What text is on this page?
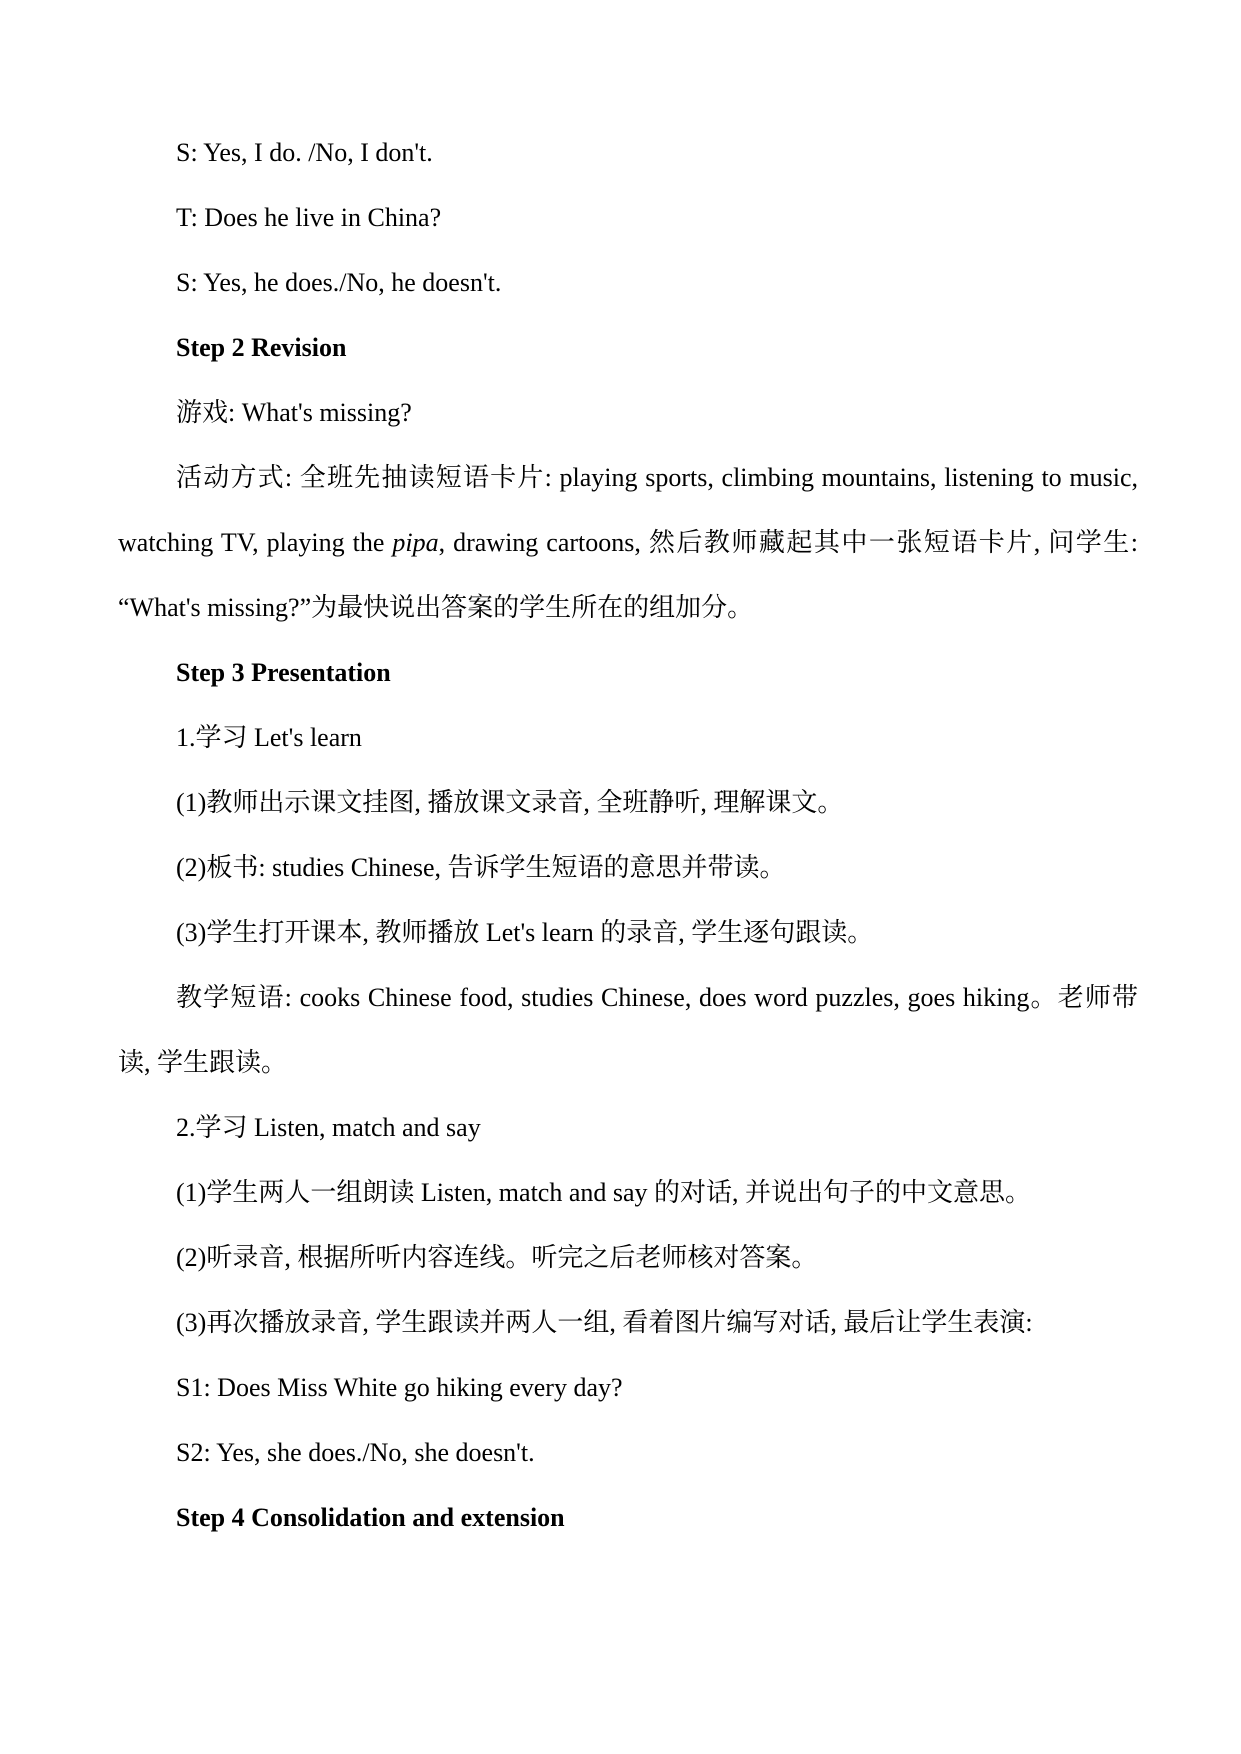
S: Yes, I do. /No, I don't.

T: Does he live in China?

S: Yes, he does./No, he doesn't.

Step 2 Revision

游戏: What's missing?

活动方式: 全班先抽读短语卡片: playing sports, climbing mountains, listening to music, watching TV, playing the pipa, drawing cartoons, 然后教师藏起其中一张短语卡片, 问学生: “What's missing?”为最快说出答案的学生所在的组加分。

Step 3 Presentation

1.学习 Let's learn

(1)教师出示课文挂图, 播放课文录音, 全班静听, 理解课文。

(2)板书: studies Chinese, 告诉学生短语的意思并带读。

(3)学生打开课本, 教师播放 Let's learn 的录音, 学生逐句跟读。

教学短语: cooks Chinese food, studies Chinese, does word puzzles, goes hiking。老师带读, 学生跟读。

2.学习 Listen, match and say

(1)学生两人一组朗读 Listen, match and say 的对话, 并说出句子的中文意思。

(2)听录音, 根据所听内容连线。听完之后老师核对答案。

(3)再次播放录音, 学生跟读并两人一组, 看着图片编写对话, 最后让学生表演:

S1: Does Miss White go hiking every day?

S2: Yes, she does./No, she doesn't.

Step 4 Consolidation and extension
